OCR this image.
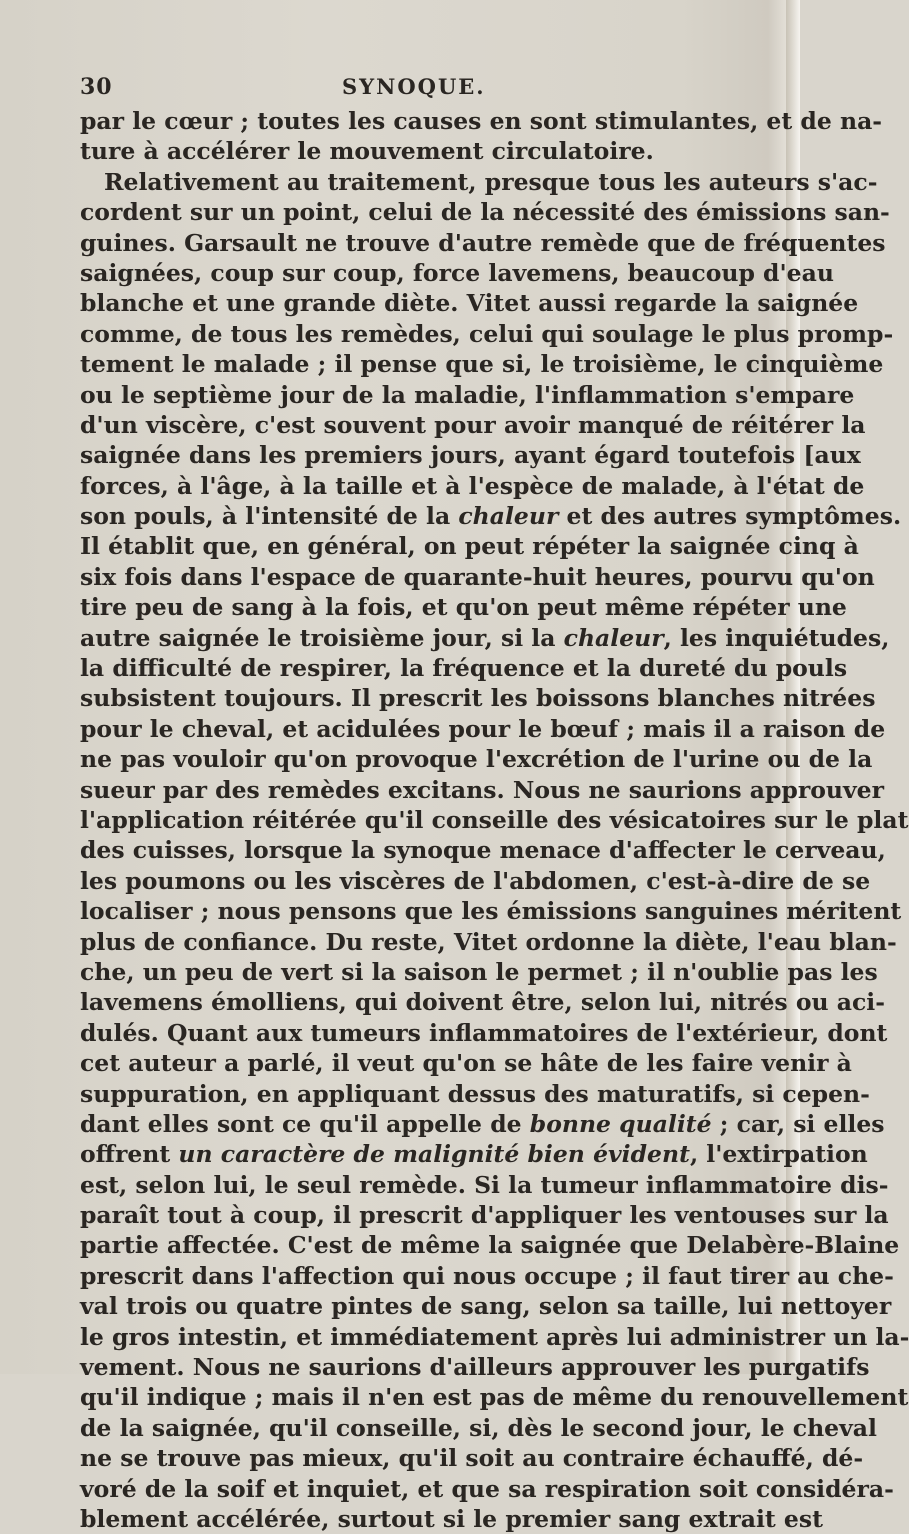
30	SYNOQUE.
par le cœur ; toutes les causes en sont stimulantes, et de na-
ture à accélérer le mouvement circulatoire.
Relativement au traitement, presque tous les auteurs s'ac-
cordent sur un point, celui de la nécessité des émissions san-
guines. Garsault ne trouve d'autre remède que de fréquentes
saignées, coup sur coup, force lavemens, beaucoup d'eau
blanche et une grande diète. Vitet aussi regarde la saignée
comme, de tous les remèdes, celui qui soulage le plus promp-
tement le malade ; il pense que si, le troisième, le cinquième
ou le septième jour de la maladie, l'inflammation s'empare
d'un viscère, c'est souvent pour avoir manqué de réitérer la
saignée dans les premiers jours, ayant égard toutefois [aux
forces, à l'âge, à la taille et à l'espèce de malade, à l'état de
son pouls, à l'intensité de la chaleur et des autres symptômes.
Il établit que, en général, on peut répéter la saignée cinq à
six fois dans l'espace de quarante-huit heures, pourvu qu'on
tire peu de sang à la fois, et qu'on peut même répéter une
autre saignée le troisième jour, si la chaleur, les inquiétudes,
la difficulté de respirer, la fréquence et la dureté du pouls
subsistent toujours. Il prescrit les boissons blanches nitrées
pour le cheval, et acidulées pour le bœuf ; mais il a raison de
ne pas vouloir qu'on provoque l'excrétion de l'urine ou de la
sueur par des remèdes excitans. Nous ne saurions approuver
l'application réitérée qu'il conseille des vésicatoires sur le plat
des cuisses, lorsque la synoque menace d'affecter le cerveau,
les poumons ou les viscères de l'abdomen, c'est-à-dire de se
localiser ; nous pensons que les émissions sanguines méritent
plus de confiance. Du reste, Vitet ordonne la diète, l'eau blan-
che, un peu de vert si la saison le permet ; il n'oublie pas les
lavemens émolliens, qui doivent être, selon lui, nitrés ou aci-
dulés. Quant aux tumeurs inflammatoires de l'extérieur, dont
cet auteur a parlé, il veut qu'on se hâte de les faire venir à
suppuration, en appliquant dessus des maturatifs, si cepen-
dant elles sont ce qu'il appelle de bonne qualité ; car, si elles
offrent un caractère de malignité bien évident, l'extirpation
est, selon lui, le seul remède. Si la tumeur inflammatoire dis-
paraît tout à coup, il prescrit d'appliquer les ventouses sur la
partie affectée. C'est de même la saignée que Delabère-Blaine
prescrit dans l'affection qui nous occupe ; il faut tirer au che-
val trois ou quatre pintes de sang, selon sa taille, lui nettoyer
le gros intestin, et immédiatement après lui administrer un la-
vement. Nous ne saurions d'ailleurs approuver les purgatifs
qu'il indique ; mais il n'en est pas de même du renouvellement
de la saignée, qu'il conseille, si, dès le second jour, le cheval
ne se trouve pas mieux, qu'il soit au contraire échauffé, dé-
voré de la soif et inquiet, et que sa respiration soit considéra-
blement accélérée, surtout si le premier sang extrait est
